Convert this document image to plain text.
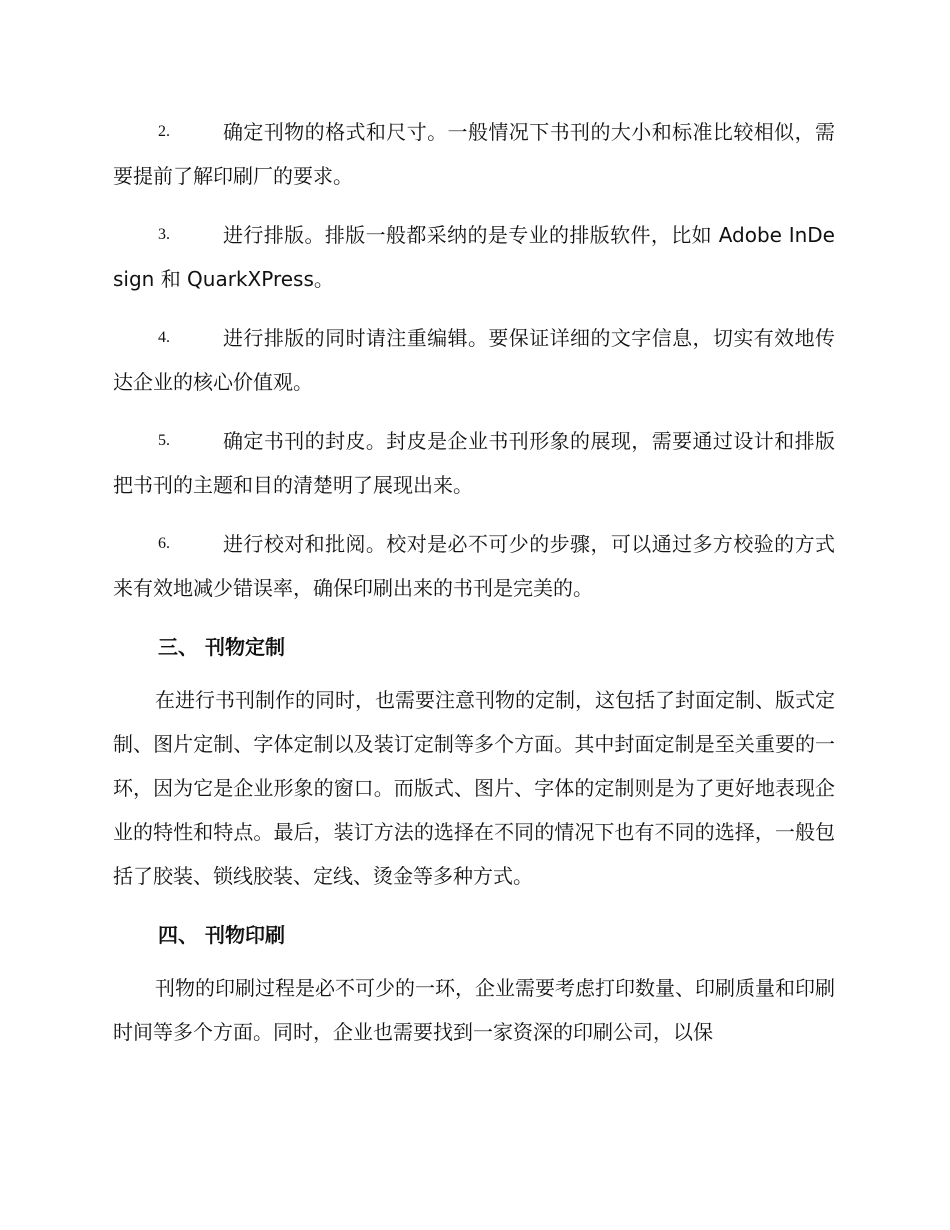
2.	确定刊物的格式和尺寸。一般情况下书刊的大小和标准比较相似，需要提前了解印刷厂的要求。

3.	进行排版。排版一般都采纳的是专业的排版软件，比如 Adobe InDesign 和 QuarkXPress。

4.	进行排版的同时请注重编辑。要保证详细的文字信息，切实有效地传达企业的核心价值观。

5.	确定书刊的封皮。封皮是企业书刊形象的展现，需要通过设计和排版把书刊的主题和目的清楚明了展现出来。

6.	进行校对和批阅。校对是必不可少的步骤，可以通过多方校验的方式来有效地减少错误率，确保印刷出来的书刊是完美的。

三、 刊物定制

在进行书刊制作的同时，也需要注意刊物的定制，这包括了封面定制、版式定制、图片定制、字体定制以及装订定制等多个方面。其中封面定制是至关重要的一环，因为它是企业形象的窗口。而版式、图片、字体的定制则是为了更好地表现企业的特性和特点。最后，装订方法的选择在不同的情况下也有不同的选择，一般包括了胶装、锁线胶装、定线、烫金等多种方式。

四、 刊物印刷

刊物的印刷过程是必不可少的一环，企业需要考虑打印数量、印刷质量和印刷时间等多个方面。同时，企业也需要找到一家资深的印刷公司，以保
